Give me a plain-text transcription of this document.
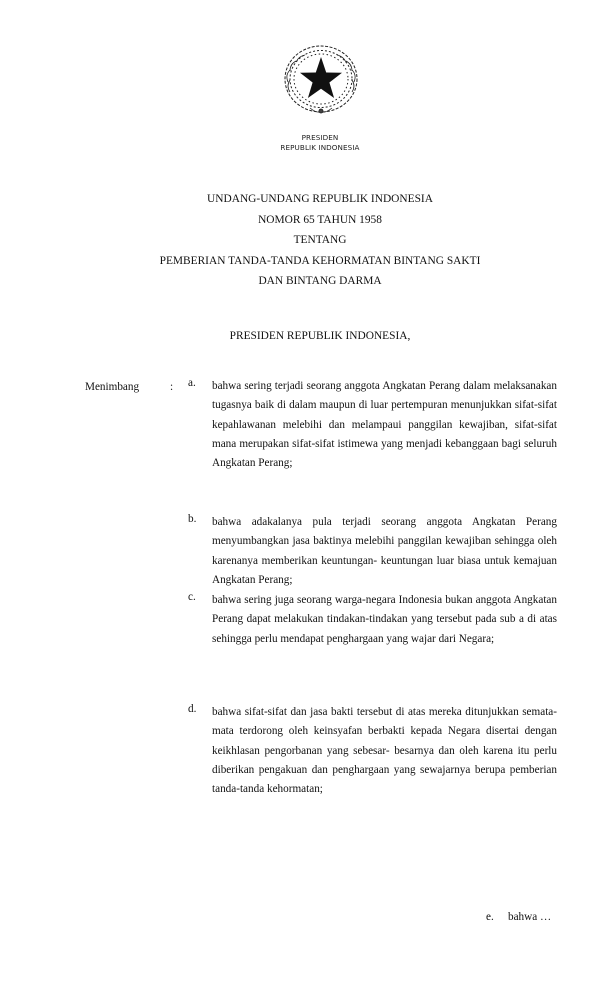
PRESIDEN
REPUBLIK INDONESIA
UNDANG-UNDANG REPUBLIK INDONESIA
NOMOR 65 TAHUN 1958
TENTANG
PEMBERIAN TANDA-TANDA KEHORMATAN BINTANG SAKTI
DAN BINTANG DARMA
PRESIDEN REPUBLIK INDONESIA,
Menimbang	: a. bahwa sering terjadi seorang anggota Angkatan Perang dalam melaksanakan tugasnya baik di dalam maupun di luar pertempuran menunjukkan sifat-sifat kepahlawanan melebihi dan melampaui panggilan kewajiban, sifat-sifat mana merupakan sifat-sifat istimewa yang menjadi kebanggaan bagi seluruh Angkatan Perang;
b. bahwa adakalanya pula terjadi seorang anggota Angkatan Perang menyumbangkan jasa baktinya melebihi panggilan kewajiban sehingga oleh karenanya memberikan keuntungan- keuntungan luar biasa untuk kemajuan Angkatan Perang;
c. bahwa sering juga seorang warga-negara Indonesia bukan anggota Angkatan Perang dapat melakukan tindakan-tindakan yang tersebut pada sub a di atas sehingga perlu mendapat penghargaan yang wajar dari Negara;
d. bahwa sifat-sifat dan jasa bakti tersebut di atas mereka ditunjukkan semata-mata terdorong oleh keinsyafan berbakti kepada Negara disertai dengan keikhlasan pengorbanan yang sebesar- besarnya dan oleh karena itu perlu diberikan pengakuan dan penghargaan yang sewajarnya berupa pemberian tanda-tanda kehormatan;
e. bahwa …
